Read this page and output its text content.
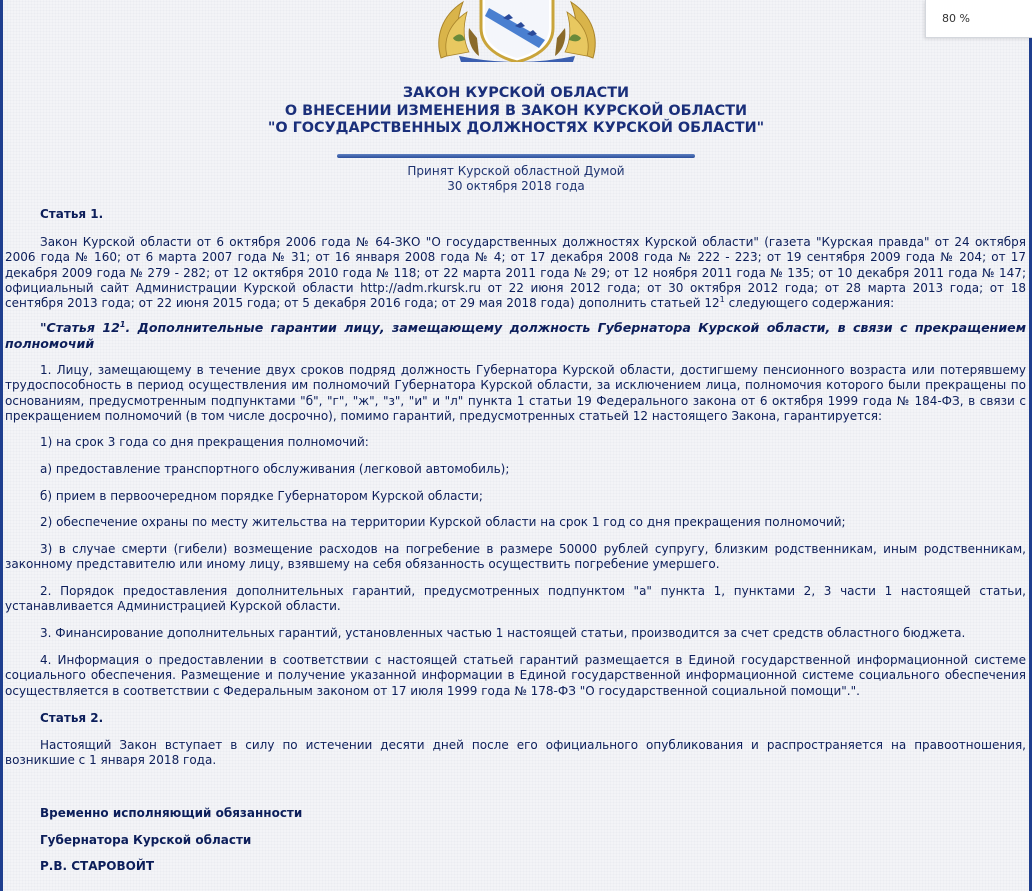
80 %
ЗАКОН КУРСКОЙ ОБЛАСТИ
О ВНЕСЕНИИ ИЗМЕНЕНИЯ В ЗАКОН КУРСКОЙ ОБЛАСТИ
"О ГОСУДАРСТВЕННЫХ ДОЛЖНОСТЯХ КУРСКОЙ ОБЛАСТИ"
Принят Курской областной Думой
30 октября 2018 года
Статья 1.

Закон Курской области от 6 октября 2006 года № 64-ЗКО "О государственных должностях Курской области" (газета "Курская правда" от 24 октября 2006 года № 160; от 6 марта 2007 года № 31; от 16 января 2008 года № 4; от 17 декабря 2008 года № 222 - 223; от 19 сентября 2009 года № 204; от 17 декабря 2009 года № 279 - 282; от 12 октября 2010 года № 118; от 22 марта 2011 года № 29; от 12 ноября 2011 года № 135; от 10 декабря 2011 года № 147; официальный сайт Администрации Курской области http://adm.rkursk.ru от 22 июня 2012 года; от 30 октября 2012 года; от 28 марта 2013 года; от 18 сентября 2013 года; от 22 июня 2015 года; от 5 декабря 2016 года; от 29 мая 2018 года) дополнить статьей $12^1$ следующего содержания:

"Статья $12^1$. Дополнительные гарантии лицу, замещающему должность Губернатора Курской области, в связи с прекращением полномочий

1. Лицу, замещающему в течение двух сроков подряд должность Губернатора Курской области, достигшему пенсионного возраста или потерявшему трудоспособность в период осуществления им полномочий Губернатора Курской области, за исключением лица, полномочия которого были прекращены по основаниям, предусмотренным подпунктами "б", "г", "ж", "з", "и" и "л" пункта 1 статьи 19 Федерального закона от 6 октября 1999 года № 184-ФЗ, в связи с прекращением полномочий (в том числе досрочно), помимо гарантий, предусмотренных статьей 12 настоящего Закона, гарантируется:

1) на срок 3 года со дня прекращения полномочий:

а) предоставление транспортного обслуживания (легковой автомобиль);

б) прием в первоочередном порядке Губернатором Курской области;

2) обеспечение охраны по месту жительства на территории Курской области на срок 1 год со дня прекращения полномочий;

3) в случае смерти (гибели) возмещение расходов на погребение в размере 50000 рублей супругу, близким родственникам, иным родственникам, законному представителю или иному лицу, взявшему на себя обязанность осуществить погребение умершего.

2. Порядок предоставления дополнительных гарантий, предусмотренных подпунктом "а" пункта 1, пунктами 2, 3 части 1 настоящей статьи, устанавливается Администрацией Курской области.

3. Финансирование дополнительных гарантий, установленных частью 1 настоящей статьи, производится за счет средств областного бюджета.

4. Информация о предоставлении в соответствии с настоящей статьей гарантий размещается в Единой государственной информационной системе социального обеспечения. Размещение и получение указанной информации в Единой государственной информационной системе социального обеспечения осуществляется в соответствии с Федеральным законом от 17 июля 1999 года № 178-ФЗ "О государственной социальной помощи".".

Статья 2.

Настоящий Закон вступает в силу по истечении десяти дней после его официального опубликования и распространяется на правоотношения, возникшие с 1 января 2018 года.

Временно исполняющий обязанности
Губернатора Курской области
Р.В. СТАРОВОЙТ
